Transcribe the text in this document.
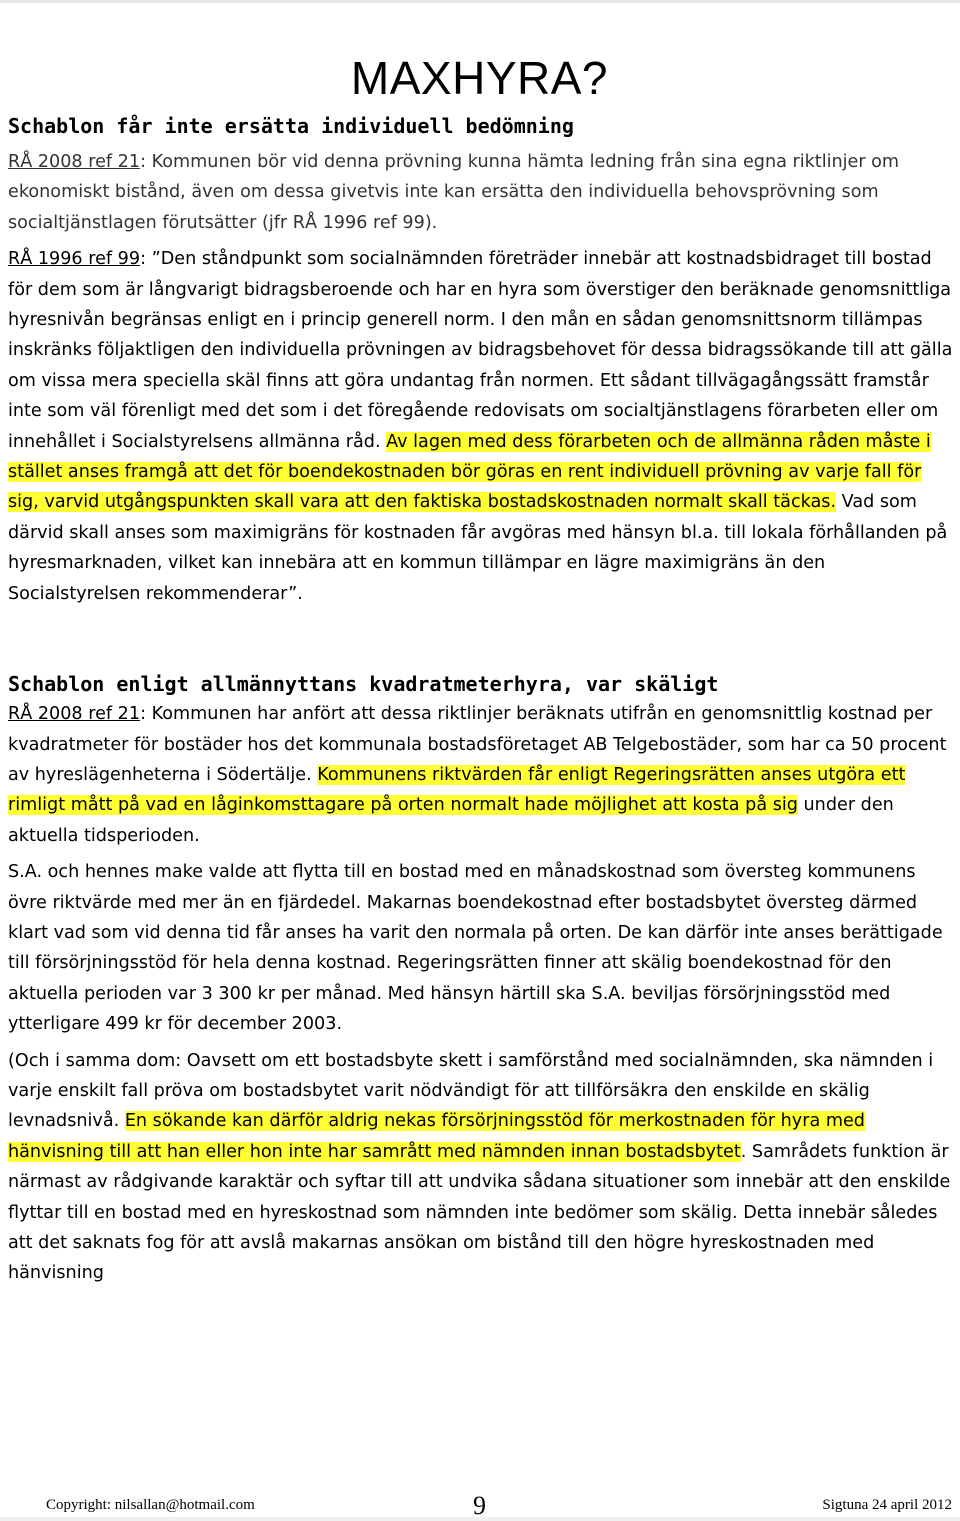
MAXHYRA?
Schablon får inte ersätta individuell bedömning

RÅ 2008 ref 21: Kommunen bör vid denna prövning kunna hämta ledning från sina egna riktlinjer om ekonomiskt bistånd, även om dessa givetvis inte kan ersätta den individuella behovsprövning som socialtjänstlagen förutsätter (jfr RÅ 1996 ref 99).

RÅ 1996 ref 99: ”Den ståndpunkt som socialnämnden företräder innebär att kostnadsbidraget till bostad för dem som är långvarigt bidragsberoende och har en hyra som överstiger den beräknade genomsnittliga hyresnivån begränsas enligt en i princip generell norm. I den mån en sådan genomsnittsnorm tillämpas inskränks följaktligen den individuella prövningen av bidragsbehovet för dessa bidragssökande till att gälla om vissa mera speciella skäl finns att göra undantag från normen. Ett sådant tillvägagångssätt framstår inte som väl förenligt med det som i det föregående redovisats om socialtjänstlagens förarbeten eller om innehållet i Socialstyrelsens allmänna råd. Av lagen med dess förarbeten och de allmänna råden måste i stället anses framgå att det för boendekostnaden bör göras en rent individuell prövning av varje fall för sig, varvid utgångspunkten skall vara att den faktiska bostadskostnaden normalt skall täckas. Vad som därvid skall anses som maximigräns för kostnaden får avgöras med hänsyn bl.a. till lokala förhållanden på hyresmarknaden, vilket kan innebära att en kommun tillämpar en lägre maximigräns än den Socialstyrelsen rekommenderar”.

Schablon enligt allmännyttans kvadratmeterhyra, var skäligt

RÅ 2008 ref 21: Kommunen har anfört att dessa riktlinjer beräknats utifrån en genomsnittlig kostnad per kvadratmeter för bostäder hos det kommunala bostadsföretaget AB Telgebostäder, som har ca 50 procent av hyreslägenheterna i Södertälje. Kommunens riktvärden får enligt Regeringsrätten anses utgöra ett rimligt mått på vad en låginkomsttagare på orten normalt hade möjlighet att kosta på sig under den aktuella tidsperioden.

S.A. och hennes make valde att flytta till en bostad med en månadskostnad som översteg kommunens övre riktvärde med mer än en fjärdedel. Makarnas boendekostnad efter bostadsbytet översteg därmed klart vad som vid denna tid får anses ha varit den normala på orten. De kan därför inte anses berättigade till försörjningsstöd för hela denna kostnad. Regeringsrätten finner att skälig boendekostnad för den aktuella perioden var 3 300 kr per månad. Med hänsyn härtill ska S.A. beviljas försörjningsstöd med ytterligare 499 kr för december 2003.

(Och i samma dom: Oavsett om ett bostadsbyte skett i samförstånd med socialnämnden, ska nämnden i varje enskilt fall pröva om bostadsbytet varit nödvändigt för att tillförsäkra den enskilde en skälig levnadsnivå. En sökande kan därför aldrig nekas försörjningsstöd för merkostnaden för hyra med hänvisning till att han eller hon inte har samrått med nämnden innan bostadsbytet. Samrådets funktion är närmast av rådgivande karaktär och syftar till att undvika sådana situationer som innebär att den enskilde flyttar till en bostad med en hyreskostnad som nämnden inte bedömer som skälig. Detta innebär således att det saknats fog för att avslå makarnas ansökan om bistånd till den högre hyreskostnaden med hänvisning

Copyright: nilsallan@hotmail.com	9	Sigtuna 24 april 2012
